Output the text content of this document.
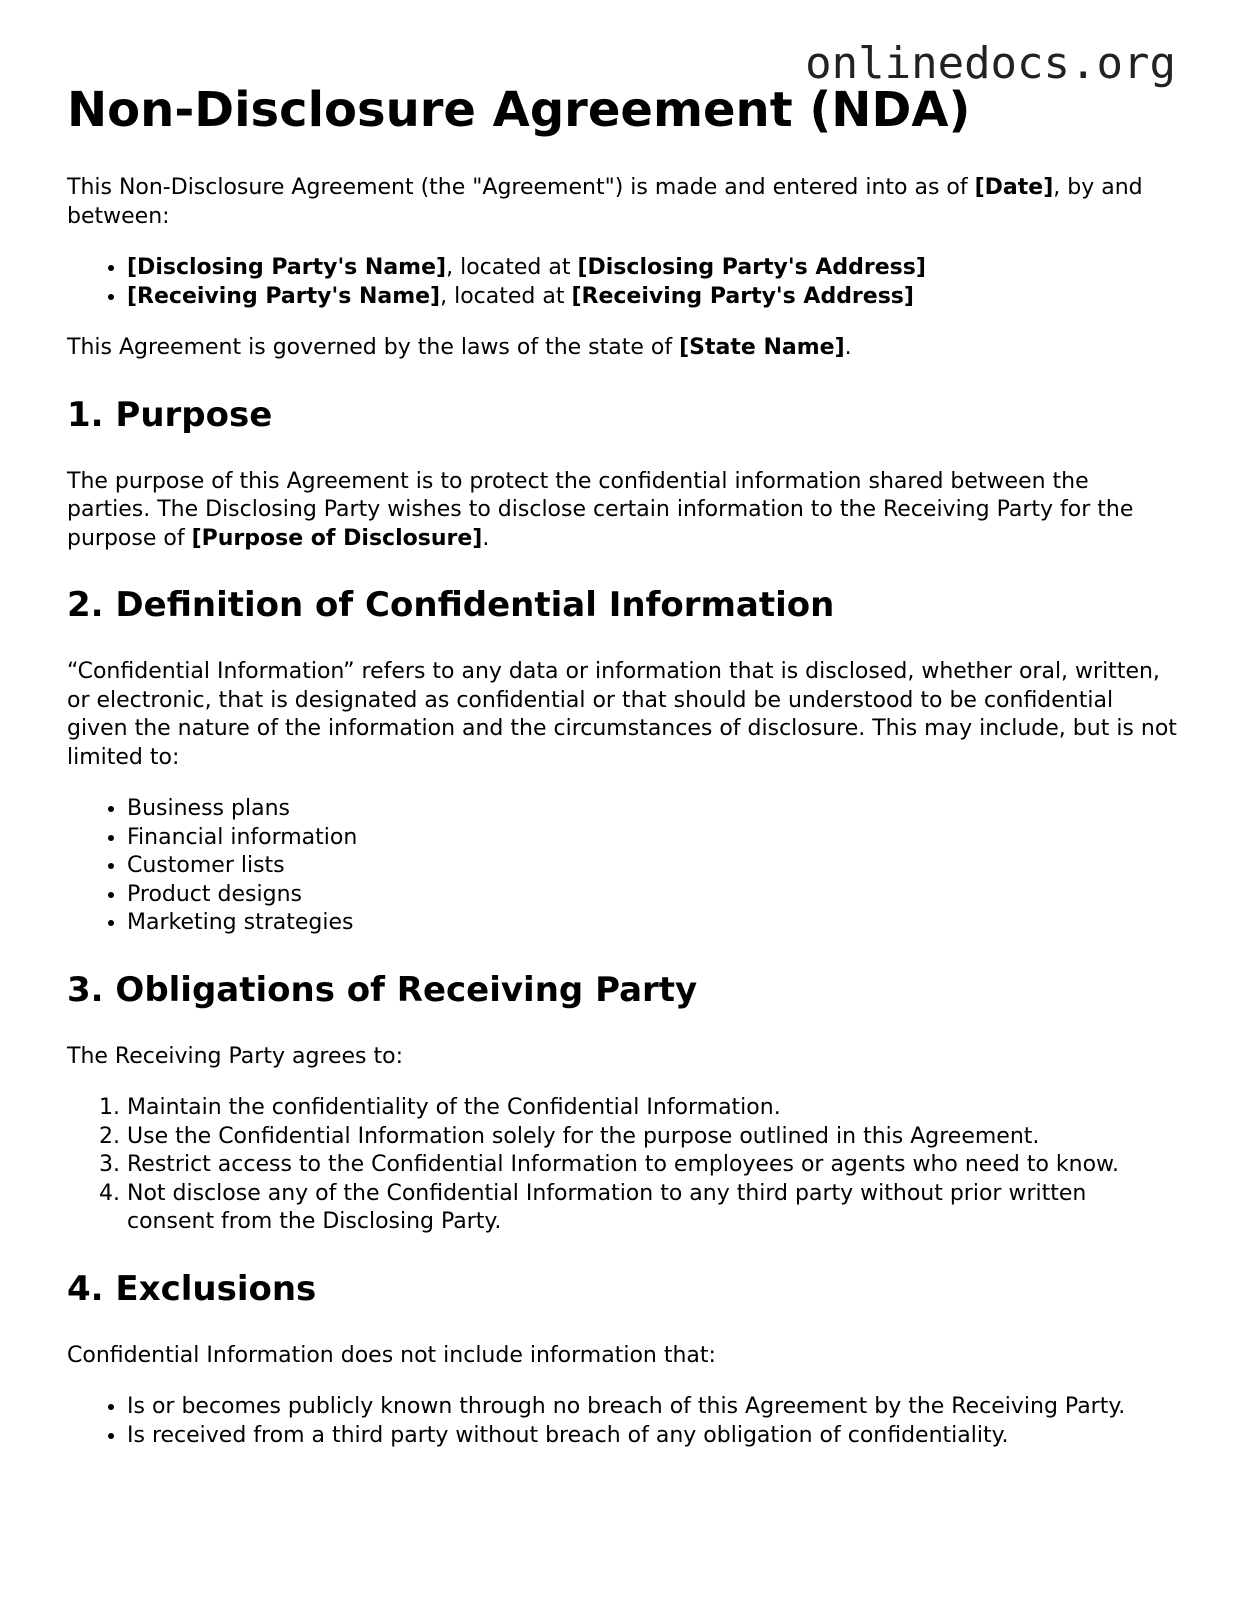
onlinedocs.org
Non-Disclosure Agreement (NDA)

This Non-Disclosure Agreement (the "Agreement") is made and entered into as of [Date], by and between:

• [Disclosing Party's Name], located at [Disclosing Party's Address]
• [Receiving Party's Name], located at [Receiving Party's Address]

This Agreement is governed by the laws of the state of [State Name].

1. Purpose

The purpose of this Agreement is to protect the confidential information shared between the parties. The Disclosing Party wishes to disclose certain information to the Receiving Party for the purpose of [Purpose of Disclosure].

2. Definition of Confidential Information

“Confidential Information” refers to any data or information that is disclosed, whether oral, written, or electronic, that is designated as confidential or that should be understood to be confidential given the nature of the information and the circumstances of disclosure. This may include, but is not limited to:

• Business plans
• Financial information
• Customer lists
• Product designs
• Marketing strategies
3. Obligations of Receiving Party

The Receiving Party agrees to:

1. Maintain the confidentiality of the Confidential Information.
2. Use the Confidential Information solely for the purpose outlined in this Agreement.
3. Restrict access to the Confidential Information to employees or agents who need to know.
4. Not disclose any of the Confidential Information to any third party without prior written consent from the Disclosing Party.
4. Exclusions

Confidential Information does not include information that:

• Is or becomes publicly known through no breach of this Agreement by the Receiving Party.
• Is received from a third party without breach of any obligation of confidentiality.
